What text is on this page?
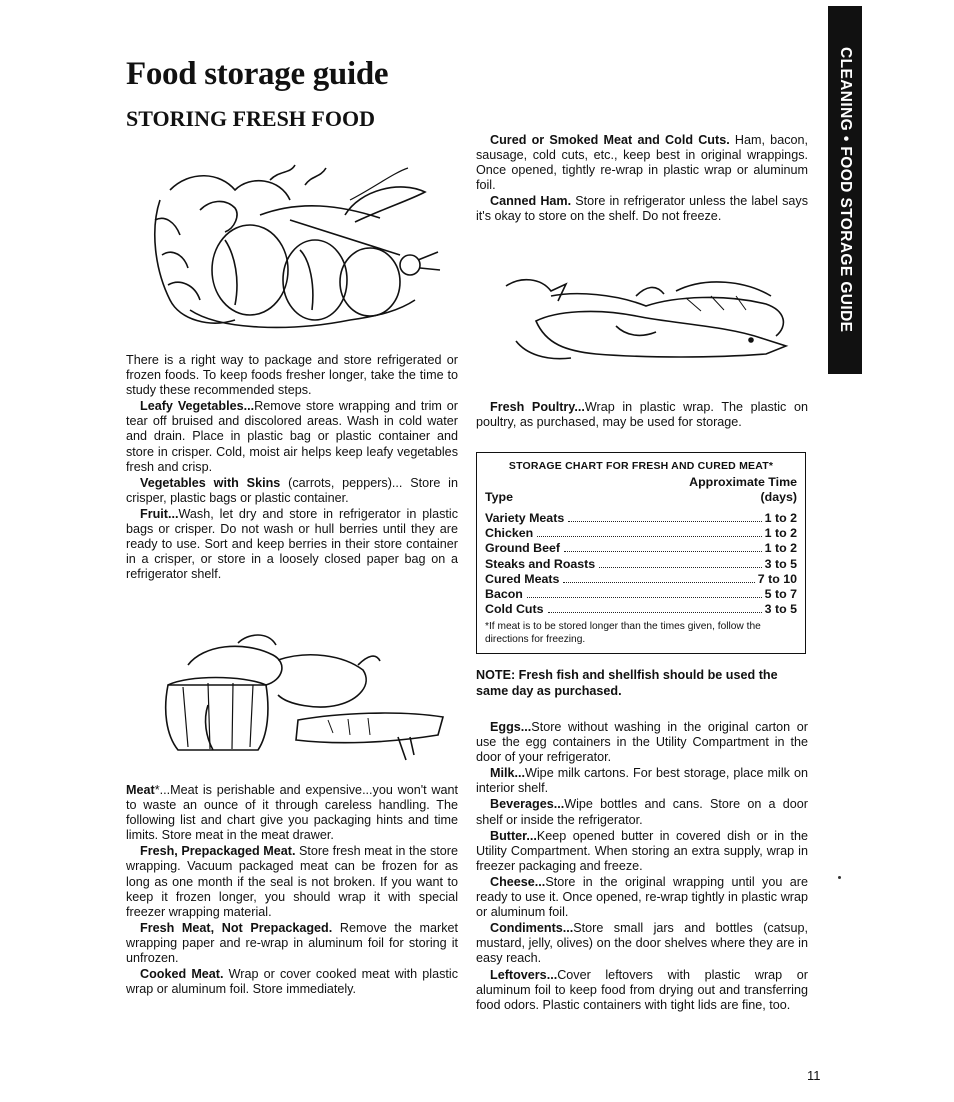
CLEANING • FOOD STORAGE GUIDE
Food storage guide
STORING FRESH FOOD

There is a right way to package and store refrigerated or frozen foods. To keep foods fresher longer, take the time to study these recommended steps.

Leafy Vegetables...Remove store wrapping and trim or tear off bruised and discolored areas. Wash in cold water and drain. Place in plastic bag or plastic container and store in crisper. Cold, moist air helps keep leafy vegetables fresh and crisp.

Vegetables with Skins (carrots, peppers)... Store in crisper, plastic bags or plastic container.

Fruit...Wash, let dry and store in refrigerator in plastic bags or crisper. Do not wash or hull berries until they are ready to use. Sort and keep berries in their store container in a crisper, or store in a loosely closed paper bag on a refrigerator shelf.

Meat*...Meat is perishable and expensive...you won't want to waste an ounce of it through careless handling. The following list and chart give you packaging hints and time limits. Store meat in the meat drawer.

Fresh, Prepackaged Meat. Store fresh meat in the store wrapping. Vacuum packaged meat can be frozen for as long as one month if the seal is not broken. If you want to keep it frozen longer, you should wrap it with special freezer wrapping material.

Fresh Meat, Not Prepackaged. Remove the market wrapping paper and re-wrap in aluminum foil for storing it unfrozen.

Cooked Meat. Wrap or cover cooked meat with plastic wrap or aluminum foil. Store immediately.

Cured or Smoked Meat and Cold Cuts. Ham, bacon, sausage, cold cuts, etc., keep best in original wrappings. Once opened, tightly re-wrap in plastic wrap or aluminum foil.

Canned Ham. Store in refrigerator unless the label says it's okay to store on the shelf. Do not freeze.

Fresh Poultry...Wrap in plastic wrap. The plastic on poultry, as purchased, may be used for storage.

STORAGE CHART FOR FRESH AND CURED MEAT*
Type
Approximate Time
(days)
Variety Meats	1 to 2
Chicken	1 to 2
Ground Beef	1 to 2
Steaks and Roasts	3 to 5
Cured Meats	7 to 10
Bacon	5 to 7
Cold Cuts	3 to 5
*If meat is to be stored longer than the times given, follow the directions for freezing.
NOTE: Fresh fish and shellfish should be used the same day as purchased.

Eggs...Store without washing in the original carton or use the egg containers in the Utility Compartment in the door of your refrigerator.

Milk...Wipe milk cartons. For best storage, place milk on interior shelf.

Beverages...Wipe bottles and cans. Store on a door shelf or inside the refrigerator.

Butter...Keep opened butter in covered dish or in the Utility Compartment. When storing an extra supply, wrap in freezer packaging and freeze.

Cheese...Store in the original wrapping until you are ready to use it. Once opened, re-wrap tightly in plastic wrap or aluminum foil.

Condiments...Store small jars and bottles (catsup, mustard, jelly, olives) on the door shelves where they are in easy reach.

Leftovers...Cover leftovers with plastic wrap or aluminum foil to keep food from drying out and transferring food odors. Plastic containers with tight lids are fine, too.

11
